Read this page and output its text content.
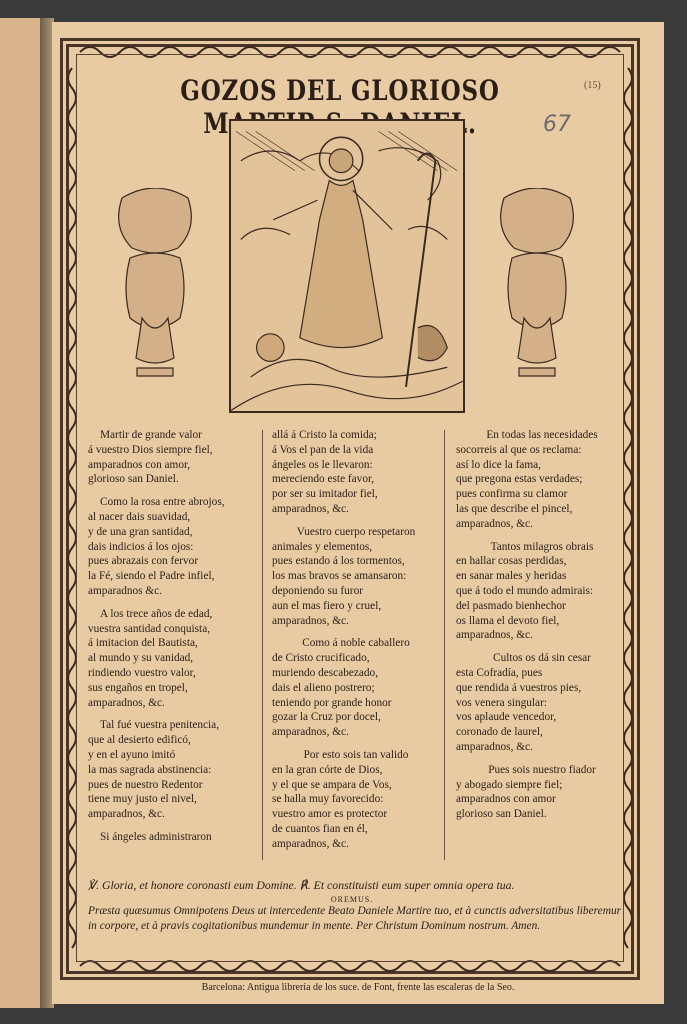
GOZOS DEL GLORIOSO MARTIR S. DANIEL.
(15)
67
Martir de grande valor
á vuestro Dios siempre fiel,
amparadnos con amor,
glorioso san Daniel.
Como la rosa entre abrojos,
al nacer dais suavidad,
y de una gran santidad,
dais indicios á los ojos:
pues abrazais con fervor
la Fé, siendo el Padre infiel,
amparadnos &c.
A los trece años de edad,
vuestra santidad conquista,
á imitacion del Bautista,
al mundo y su vanidad,
rindiendo vuestro valor,
sus engaños en tropel,
amparadnos, &c.
Tal fué vuestra penitencia,
que al desierto edificó,
y en el ayuno imitó
la mas sagrada abstinencia:
pues de nuestro Redentor
tiene muy justo el nivel,
amparadnos, &c.
Si ángeles administraron
allá á Cristo la comida;
á Vos el pan de la vida
ángeles os le llevaron:
mereciendo este favor,
por ser su imitador fiel,
amparadnos, &c.
Vuestro cuerpo respetaron
animales y elementos,
pues estando á los tormentos,
los mas bravos se amansaron:
deponiendo su furor
aun el mas fiero y cruel,
amparadnos, &c.
Como á noble caballero
de Cristo crucificado,
muriendo descabezado,
dais el alieno postrero;
teniendo por grande honor
gozar la Cruz por docel,
amparadnos, &c.
Por esto sois tan valido
en la gran córte de Dios,
y el que se ampara de Vos,
se halla muy favorecido:
vuestro amor es protector
de cuantos fian en él,
amparadnos, &c.
En todas las necesidades
socorreis al que os reclama:
así lo dice la fama,
que pregona estas verdades;
pues confirma su clamor
las que describe el pincel,
amparadnos, &c.
Tantos milagros obrais
en hallar cosas perdidas,
en sanar males y heridas
que á todo el mundo admirais:
del pasmado bienhechor
os llama el devoto fiel,
amparadnos, &c.
Cultos os dá sin cesar
esta Cofradía, pues
que rendida á vuestros pies,
vos venera singular:
vos aplaude vencedor,
coronado de laurel,
amparadnos, &c.
Pues sois nuestro fiador
y abogado siempre fiel;
amparadnos con amor
glorioso san Daniel.
℣. Gloria, et honore coronasti eum Domine. ℟. Et constituisti eum super omnia opera tua.
OREMUS.
Præsta quæsumus Omnipotens Deus ut intercedente Beato Daniele Martire tuo, et à cunctis adversitatibus liberemur in corpore, et à pravis cogitationibus mundemur in mente. Per Christum Dominum nostrum. Amen.
Barcelona: Antigua librería de los suce. de Font, frente las escaleras de la Seo.
